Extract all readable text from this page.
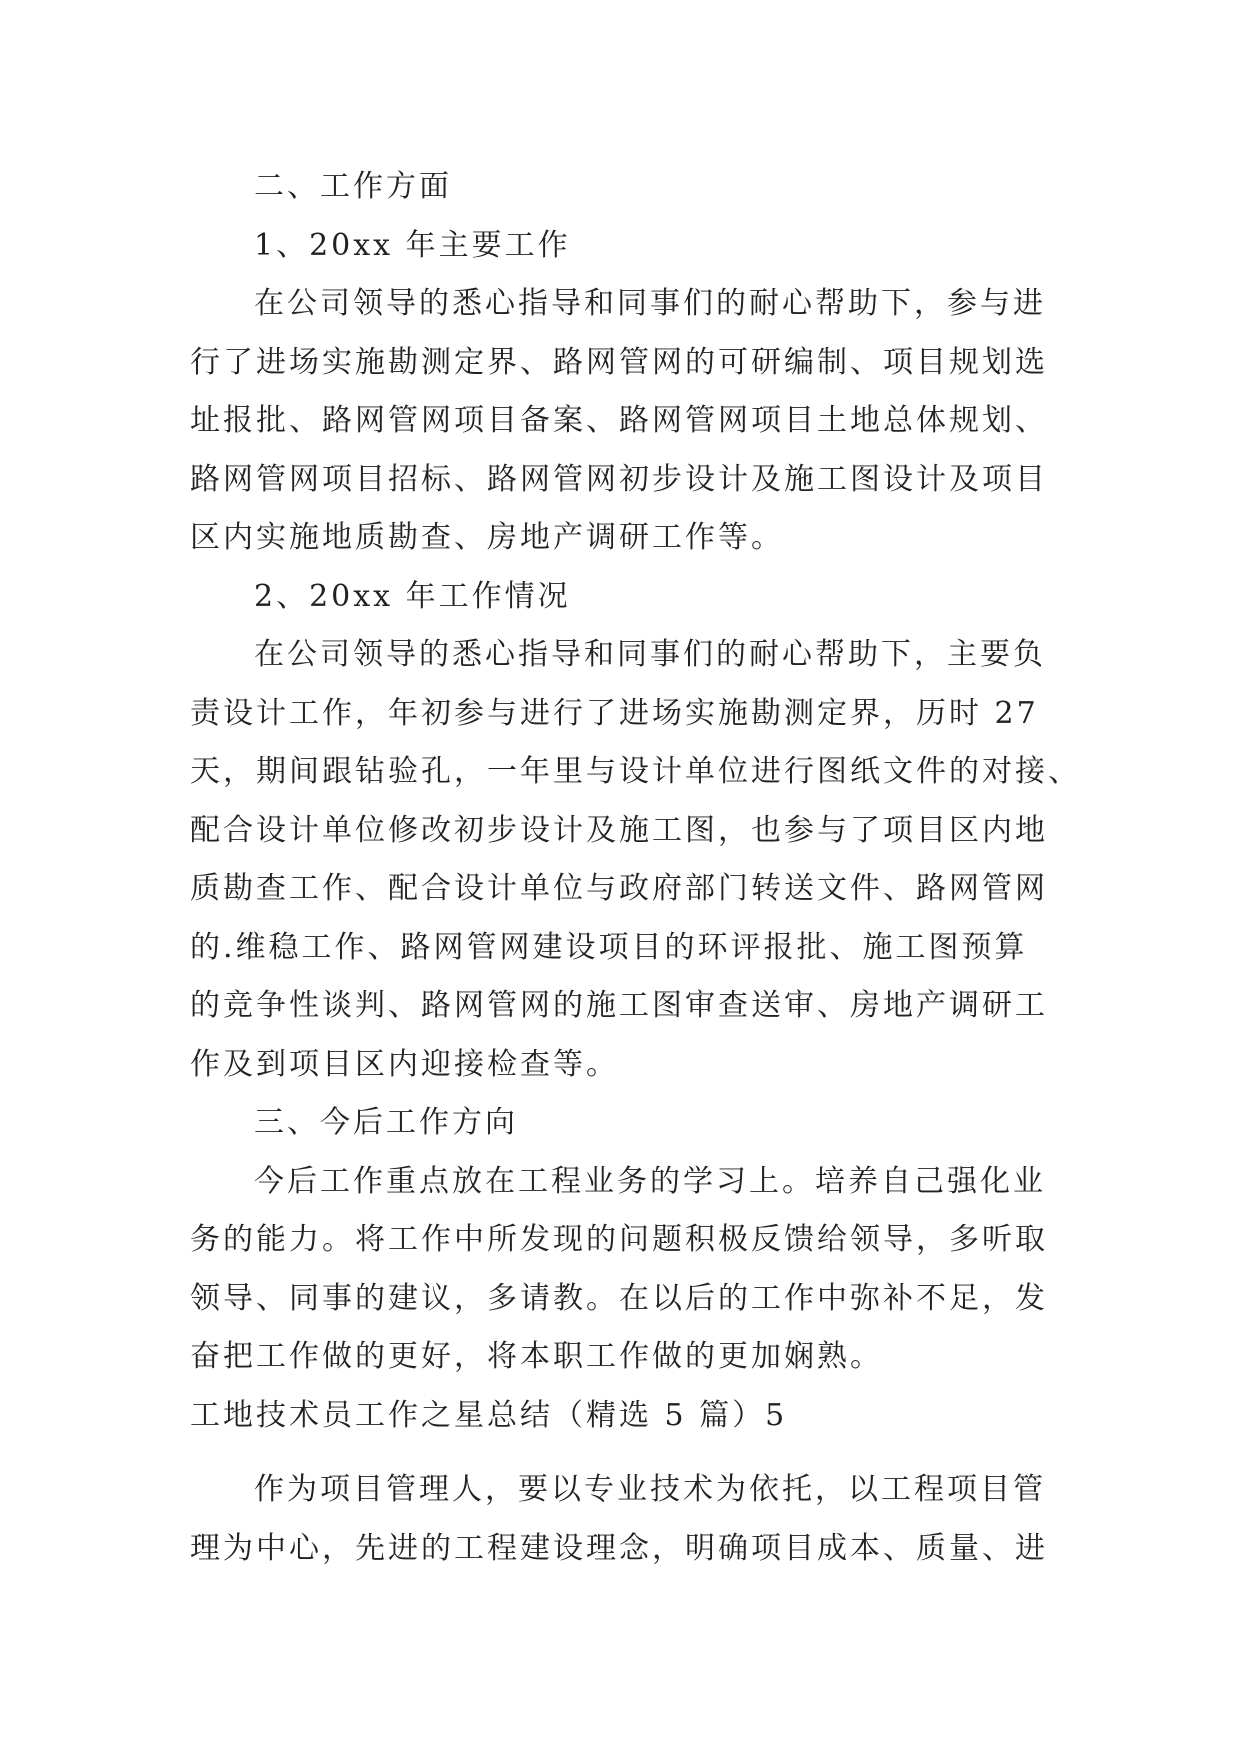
二、工作方面
1、20xx 年主要工作
在公司领导的悉心指导和同事们的耐心帮助下，参与进
行了进场实施勘测定界、路网管网的可研编制、项目规划选
址报批、路网管网项目备案、路网管网项目土地总体规划、
路网管网项目招标、路网管网初步设计及施工图设计及项目
区内实施地质勘查、房地产调研工作等。
2、20xx 年工作情况
在公司领导的悉心指导和同事们的耐心帮助下，主要负
责设计工作，年初参与进行了进场实施勘测定界，历时 27
天，期间跟钻验孔，一年里与设计单位进行图纸文件的对接、
配合设计单位修改初步设计及施工图，也参与了项目区内地
质勘查工作、配合设计单位与政府部门转送文件、路网管网
的.维稳工作、路网管网建设项目的环评报批、施工图预算
的竞争性谈判、路网管网的施工图审查送审、房地产调研工
作及到项目区内迎接检查等。
三、今后工作方向
今后工作重点放在工程业务的学习上。培养自己强化业
务的能力。将工作中所发现的问题积极反馈给领导，多听取
领导、同事的建议，多请教。在以后的工作中弥补不足，发
奋把工作做的更好，将本职工作做的更加娴熟。
工地技术员工作之星总结（精选 5 篇）5
作为项目管理人，要以专业技术为依托，以工程项目管
理为中心，先进的工程建设理念，明确项目成本、质量、进
